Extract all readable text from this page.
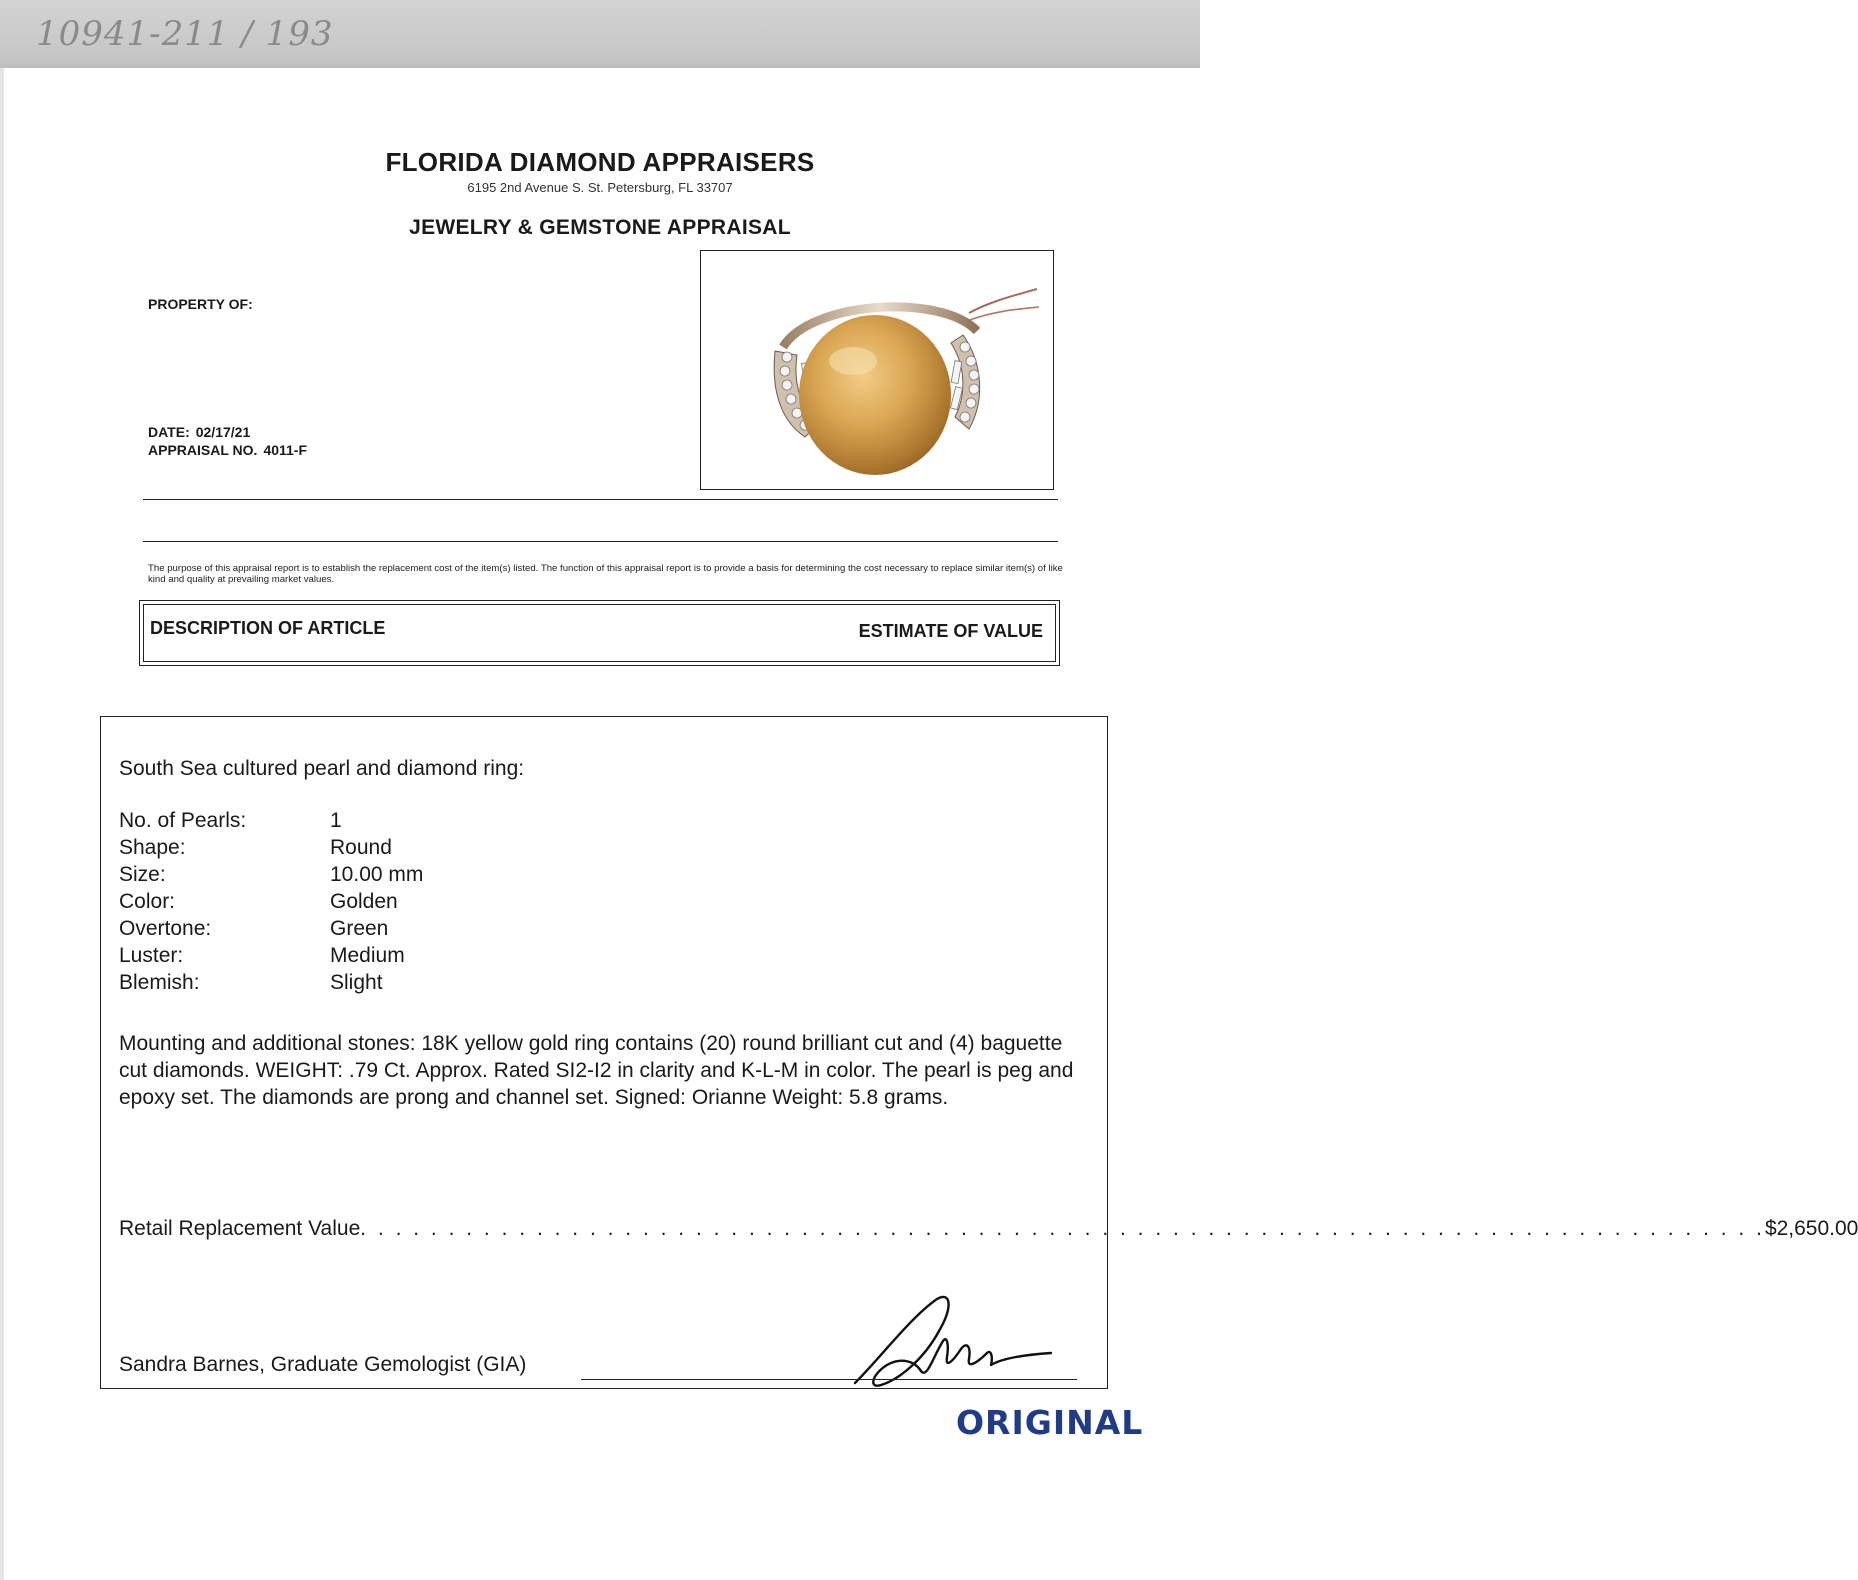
10941-211 / 193
FLORIDA DIAMOND APPRAISERS
6195 2nd Avenue S. St. Petersburg, FL 33707
JEWELRY & GEMSTONE APPRAISAL
PROPERTY OF:
DATE: 02/17/21
APPRAISAL NO. 4011-F
The purpose of this appraisal report is to establish the replacement cost of the item(s) listed. The function of this appraisal report is to provide a basis for determining the cost necessary to replace similar item(s) of like kind and quality at prevailing market values.
DESCRIPTION OF ARTICLE	ESTIMATE OF VALUE
South Sea cultured pearl and diamond ring:
No. of Pearls:	1
Shape:	Round
Size:	10.00 mm
Color:	Golden
Overtone:	Green
Luster:	Medium
Blemish:	Slight
Mounting and additional stones: 18K yellow gold ring contains (20) round brilliant cut and (4) baguette cut diamonds. WEIGHT: .79 Ct. Approx. Rated SI2-I2 in clarity and K-L-M in color. The pearl is peg and epoxy set. The diamonds are prong and channel set. Signed: Orianne Weight: 5.8 grams.
Retail Replacement Value . . . . . . . . . . . . . . . . . . . . . . . . . . . . . . . . . . . . . . . . . . . . . . . . . . . . . . . . . . . . . . . . . . . . . . . . . . . . . . . . $2,650.00
Sandra Barnes, Graduate Gemologist (GIA)
ORIGINAL
